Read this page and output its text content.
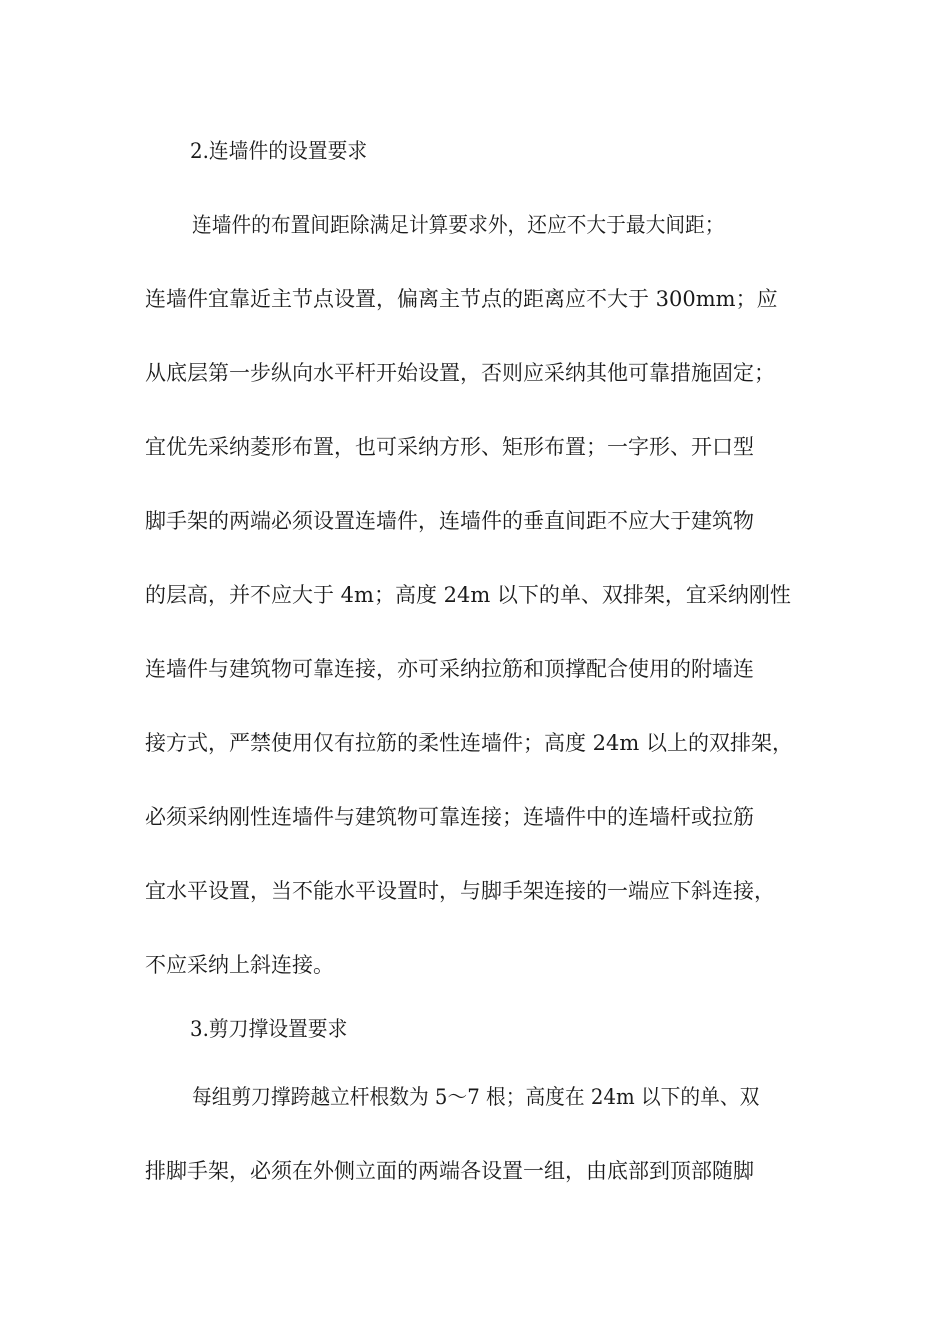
2.连墙件的设置要求
连墙件的布置间距除满足计算要求外，还应不大于最大间距；
连墙件宜靠近主节点设置，偏离主节点的距离应不大于 300mm；应
从底层第一步纵向水平杆开始设置，否则应采纳其他可靠措施固定；
宜优先采纳菱形布置，也可采纳方形、矩形布置；一字形、开口型
脚手架的两端必须设置连墙件，连墙件的垂直间距不应大于建筑物
的层高，并不应大于 4m；高度 24m 以下的单、双排架，宜采纳刚性
连墙件与建筑物可靠连接，亦可采纳拉筋和顶撑配合使用的附墙连
接方式，严禁使用仅有拉筋的柔性连墙件；高度 24m 以上的双排架，
必须采纳刚性连墙件与建筑物可靠连接；连墙件中的连墙杆或拉筋
宜水平设置，当不能水平设置时，与脚手架连接的一端应下斜连接，
不应采纳上斜连接。
3.剪刀撑设置要求
每组剪刀撑跨越立杆根数为 5～7 根；高度在 24m 以下的单、双
排脚手架，必须在外侧立面的两端各设置一组，由底部到顶部随脚
